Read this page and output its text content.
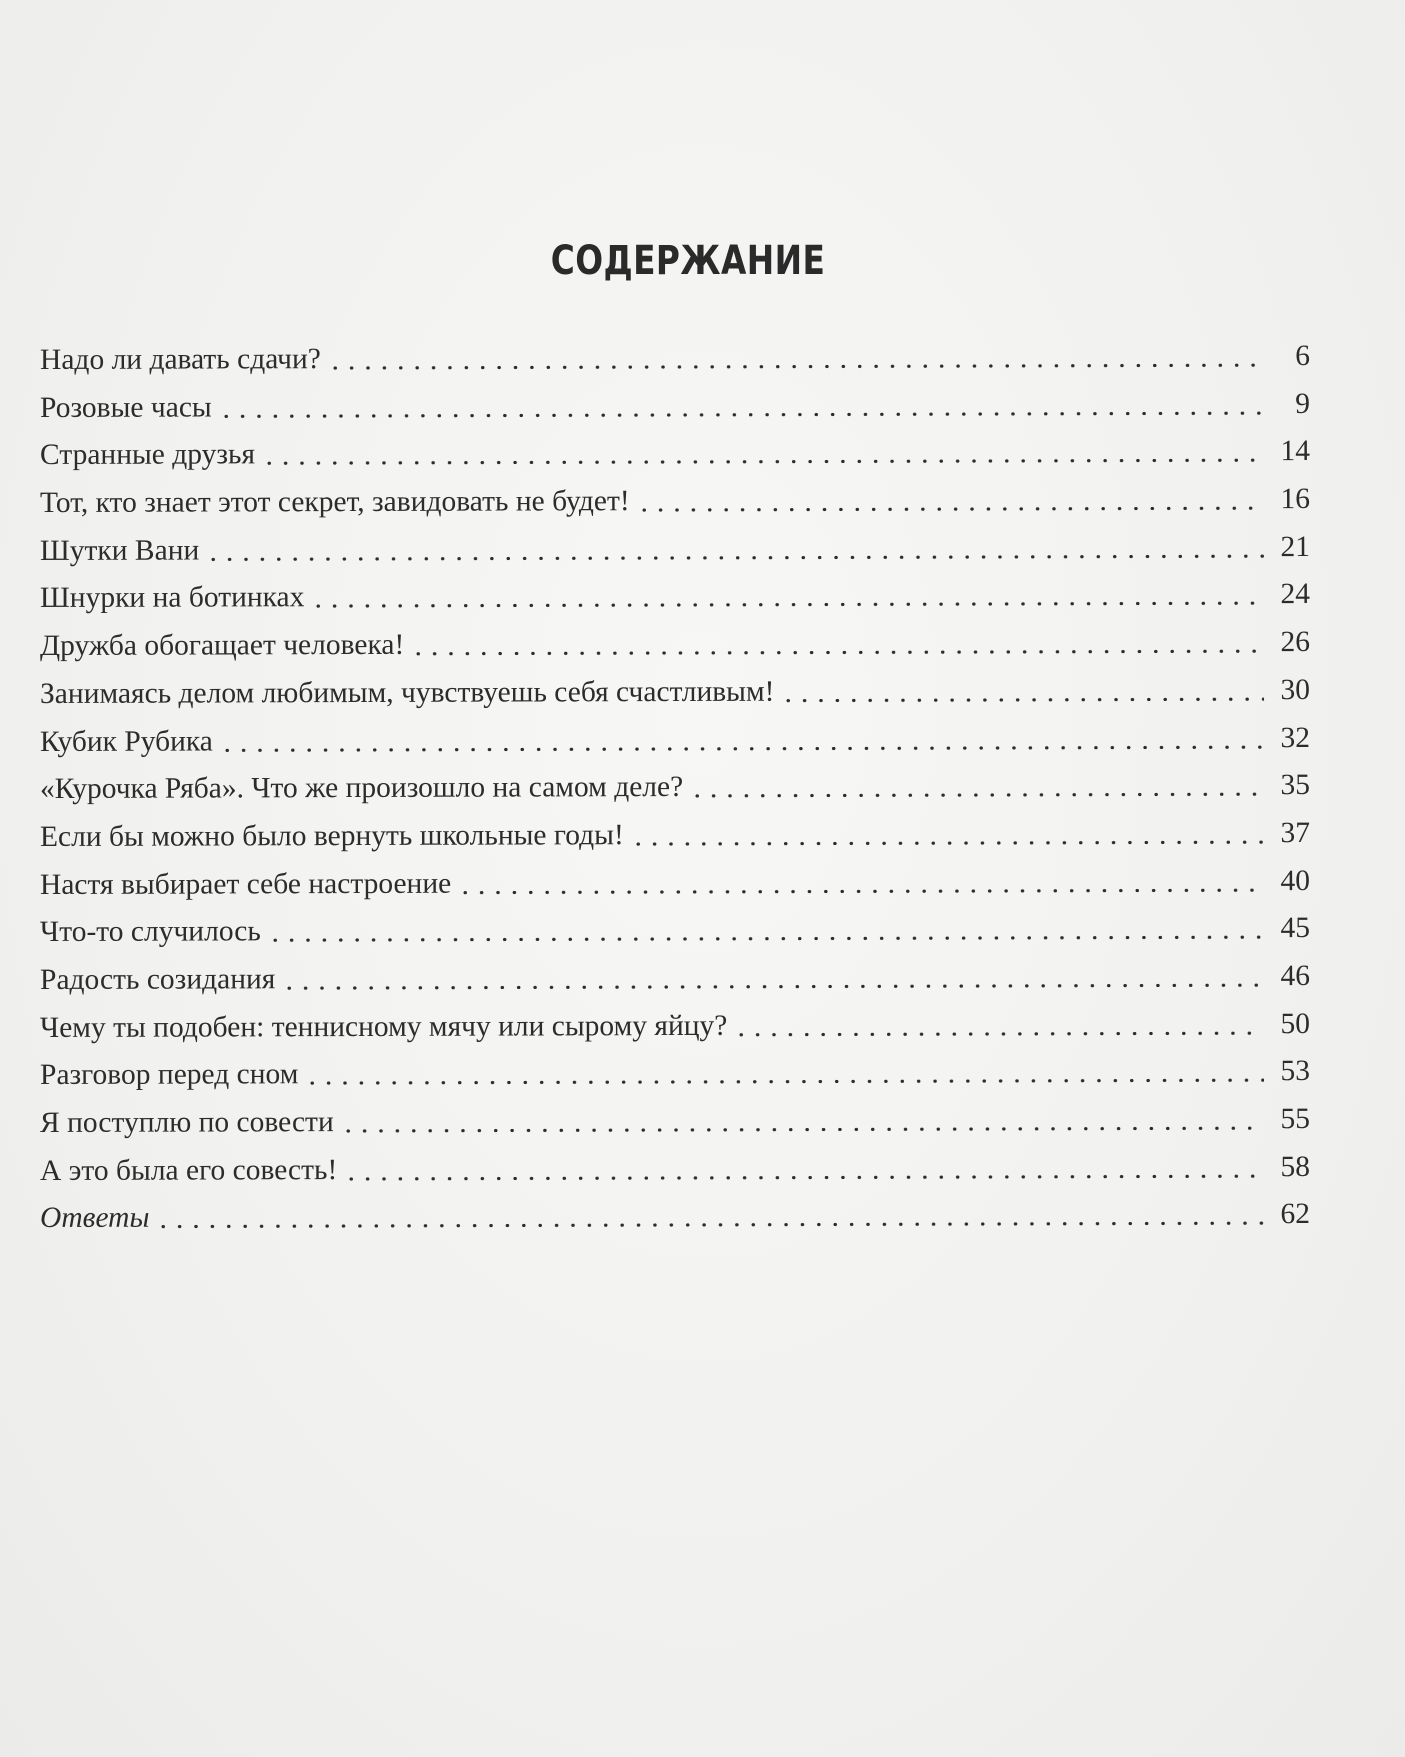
СОДЕРЖАНИЕ
Надо ли давать сдачи?	6
Розовые часы	9
Странные друзья	14
Тот, кто знает этот секрет, завидовать не будет!	16
Шутки Вани	21
Шнурки на ботинках	24
Дружба обогащает человека!	26
Занимаясь делом любимым, чувствуешь себя счастливым!	30
Кубик Рубика	32
«Курочка Ряба». Что же произошло на самом деле?	35
Если бы можно было вернуть школьные годы!	37
Настя выбирает себе настроение	40
Что-то случилось	45
Радость созидания	46
Чему ты подобен: теннисному мячу или сырому яйцу?	50
Разговор перед сном	53
Я поступлю по совести	55
А это была его совесть!	58
Ответы	62
